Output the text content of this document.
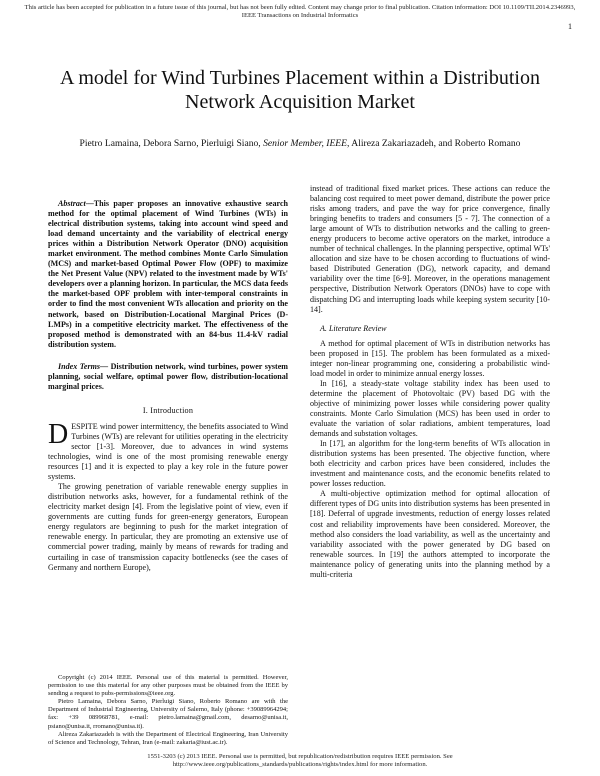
This article has been accepted for publication in a future issue of this journal, but has not been fully edited. Content may change prior to final publication. Citation information: DOI 10.1109/TII.2014.2346993, IEEE Transactions on Industrial Informatics
1
A model for Wind Turbines Placement within a Distribution Network Acquisition Market
Pietro Lamaina, Debora Sarno, Pierluigi Siano, Senior Member, IEEE, Alireza Zakariazadeh, and Roberto Romano

Abstract—This paper proposes an innovative exhaustive search method for the optimal placement of Wind Turbines (WTs) in electrical distribution systems, taking into account wind speed and load demand uncertainty and the variability of electrical energy prices within a Distribution Network Operator (DNO) acquisition market environment. The method combines Monte Carlo Simulation (MCS) and market-based Optimal Power Flow (OPF) to maximize the Net Present Value (NPV) related to the investment made by WTs' developers over a planning horizon. In particular, the MCS data feeds the market-based OPF problem with inter-temporal constraints in order to find the most convenient WTs allocation and priority on the network, based on Distribution-Locational Marginal Prices (D-LMPs) in a competitive electricity market. The effectiveness of the proposed method is demonstrated with an 84-bus 11.4-kV radial distribution system.

Index Terms— Distribution network, wind turbines, power system planning, social welfare, optimal power flow, distribution-locational marginal prices.

I. Introduction

DESPITE wind power intermittency, the benefits associated to Wind Turbines (WTs) are relevant for utilities operating in the electricity sector [1-3]. Moreover, due to advances in wind systems technologies, wind is one of the most promising renewable energy resources [1] and it is expected to play a key role in the future power systems.

The growing penetration of variable renewable energy supplies in distribution networks asks, however, for a fundamental rethink of the electricity market design [4]. From the legislative point of view, even if governments are cutting funds for green-energy generators, European energy regulators are beginning to push for the market integration of renewable energy. In particular, they are promoting an extensive use of commercial power trading, mainly by means of rewards for trading and curtailing in case of transmission capacity bottlenecks (see the cases of Germany and northern Europe),

instead of traditional fixed market prices. These actions can reduce the balancing cost required to meet power demand, distribute the power price risks among traders, and pave the way for price convergence, finally bringing benefits to traders and consumers [5 - 7]. The connection of a large amount of WTs to distribution networks and the calling to green-energy producers to become active operators on the market, introduce a number of technical challenges. In the planning perspective, optimal WTs' allocation and size have to be chosen according to fluctuations of wind-based Distributed Generation (DG), network capacity, and demand variability over the time [6-9]. Moreover, in the operations management perspective, Distribution Network Operators (DNOs) have to cope with dispatching DG and interrupting loads while keeping system security [10-14].

A. Literature Review

A method for optimal placement of WTs in distribution networks has been proposed in [15]. The problem has been formulated as a mixed-integer non-linear programming one, considering a probabilistic wind-load model in order to minimize annual energy losses.

In [16], a steady-state voltage stability index has been used to determine the placement of Photovoltaic (PV) based DG with the objective of minimizing power losses while considering power quality constraints. Monte Carlo Simulation (MCS) has been used in order to evaluate the variation of solar radiations, ambient temperatures, load demands and substation voltages.

In [17], an algorithm for the long-term benefits of WTs allocation in distribution systems has been presented. The objective function, where both electricity and carbon prices have been considered, includes the investment and maintenance costs, and the economic benefits related to power losses reduction.

A multi-objective optimization method for optimal allocation of different types of DG units into distribution systems has been presented in [18]. Deferral of upgrade investments, reduction of energy losses related cost and reliability improvements have been considered. Moreover, the method also considers the load variability, as well as the uncertainty and variability associated with the power generated by DG based on renewable sources. In [19] the authors attempted to incorporate the maintenance policy of generating units into the planning method by a multi-criteria

Copyright (c) 2014 IEEE. Personal use of this material is permitted. However, permission to use this material for any other purposes must be obtained from the IEEE by sending a request to pubs-permissions@ieee.org.

Pietro Lamaina, Debora Sarno, Pierluigi Siano, Roberto Romano are with the Department of Industrial Engineering, University of Salerno, Italy (phone: +39089964294; fax: +39 089968781, e-mail: pietro.lamaina@gmail.com, desarno@unisa.it, psiano@unisa.it, rromano@unisa.it).

Alireza Zakariazadeh is with the Department of Electrical Engineering, Iran University of Science and Technology, Tehran, Iran (e-mail: zakaria@iust.ac.ir).

1551-3203 (c) 2013 IEEE. Personal use is permitted, but republication/redistribution requires IEEE permission. See
http://www.ieee.org/publications_standards/publications/rights/index.html for more information.
